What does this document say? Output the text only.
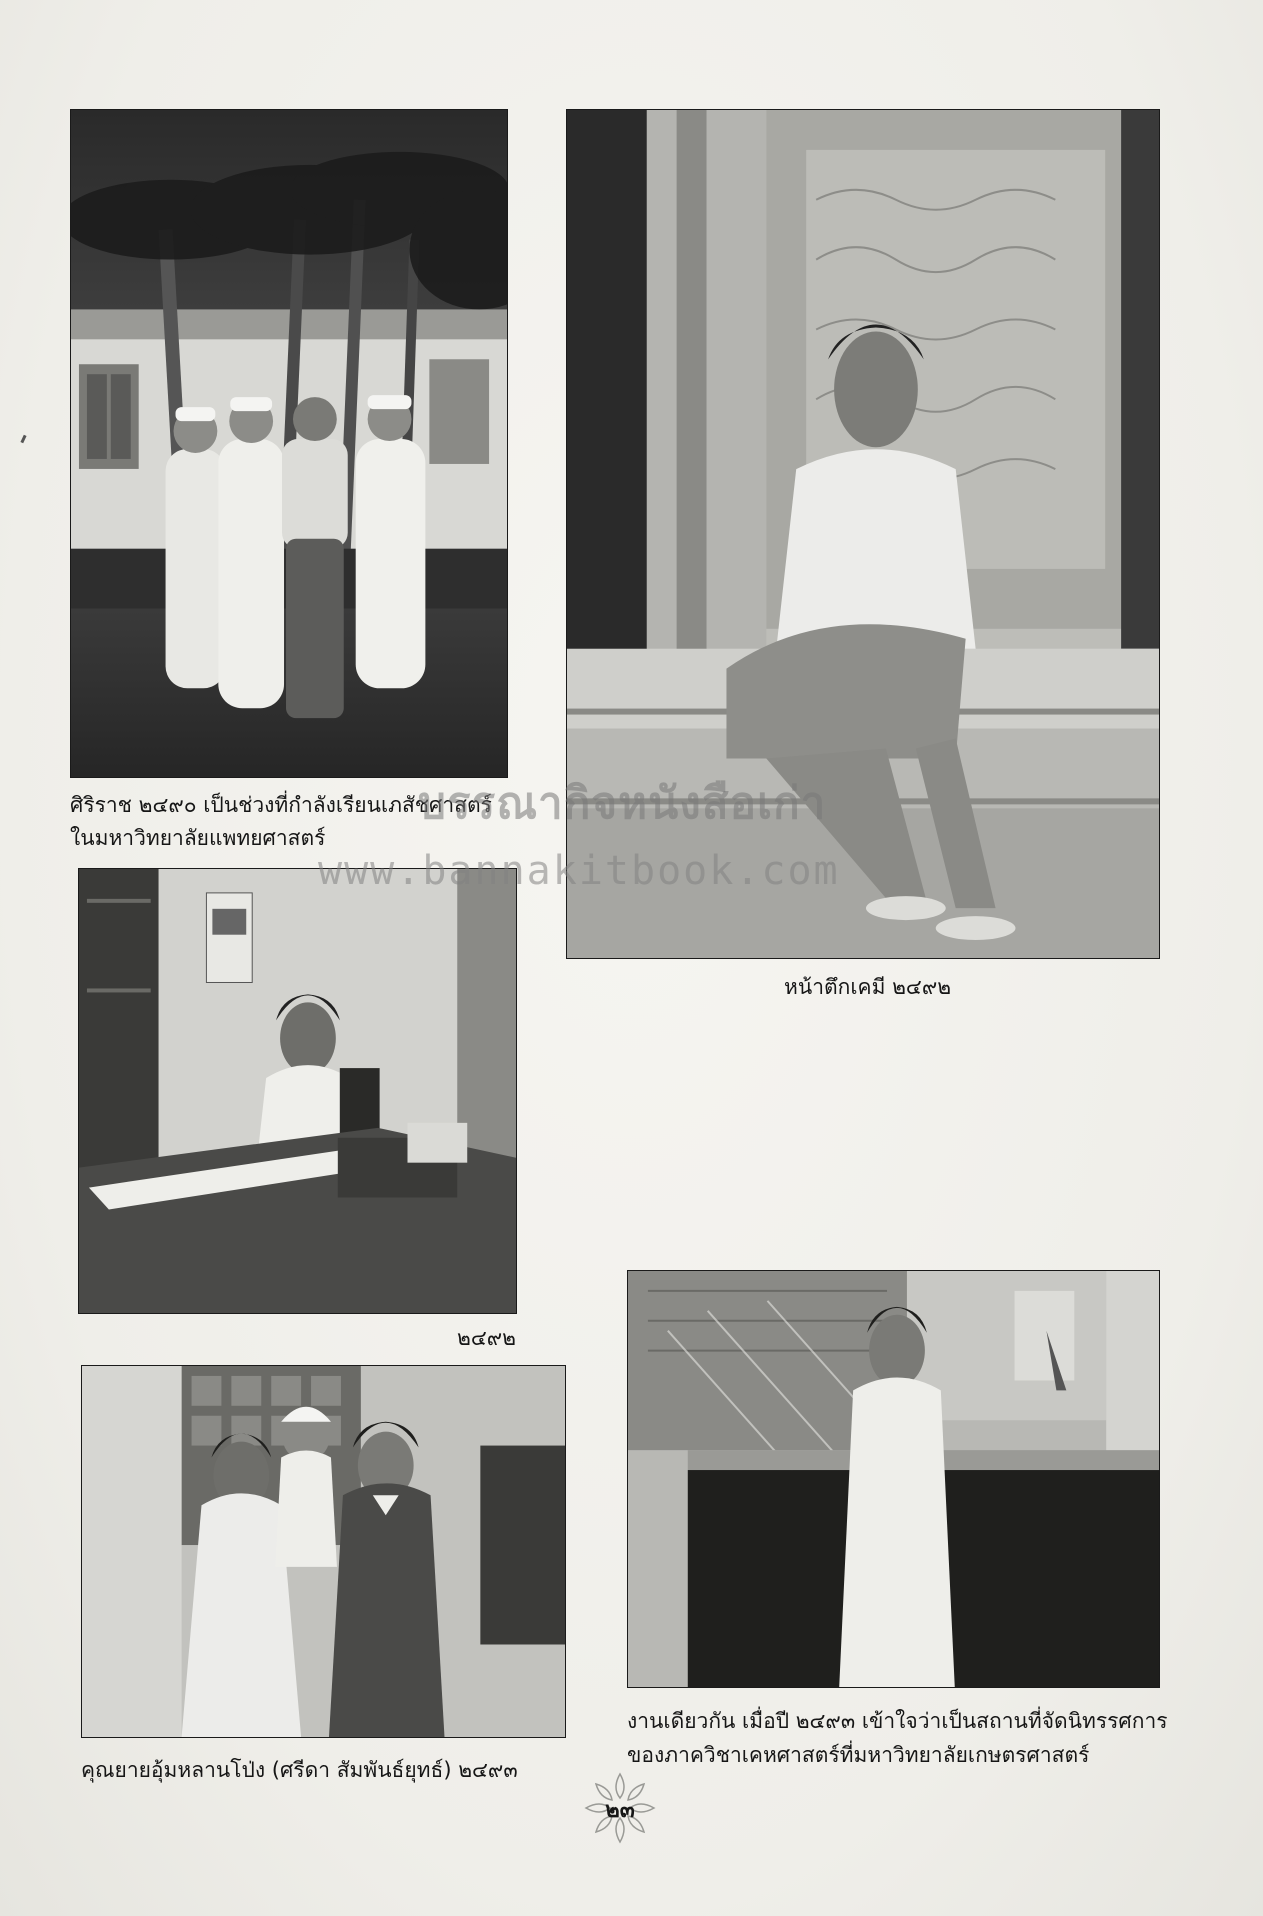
ศิริราช ๒๔๙๐ เป็นช่วงที่กำลังเรียนเภสัชศาสตร์
ในมหาวิทยาลัยแพทยศาสตร์
หน้าตึกเคมี ๒๔๙๒
๒๔๙๒
คุณยายอุ้มหลานโป่ง (ศรีดา สัมพันธ์ยุทธ์) ๒๔๙๓
งานเดียวกัน เมื่อปี ๒๔๙๓ เข้าใจว่าเป็นสถานที่จัดนิทรรศการ
ของภาควิชาเคหศาสตร์ที่มหาวิทยาลัยเกษตรศาสตร์
บรรณากิจหนังสือเก่า
www.bannakitbook.com
๒๓
